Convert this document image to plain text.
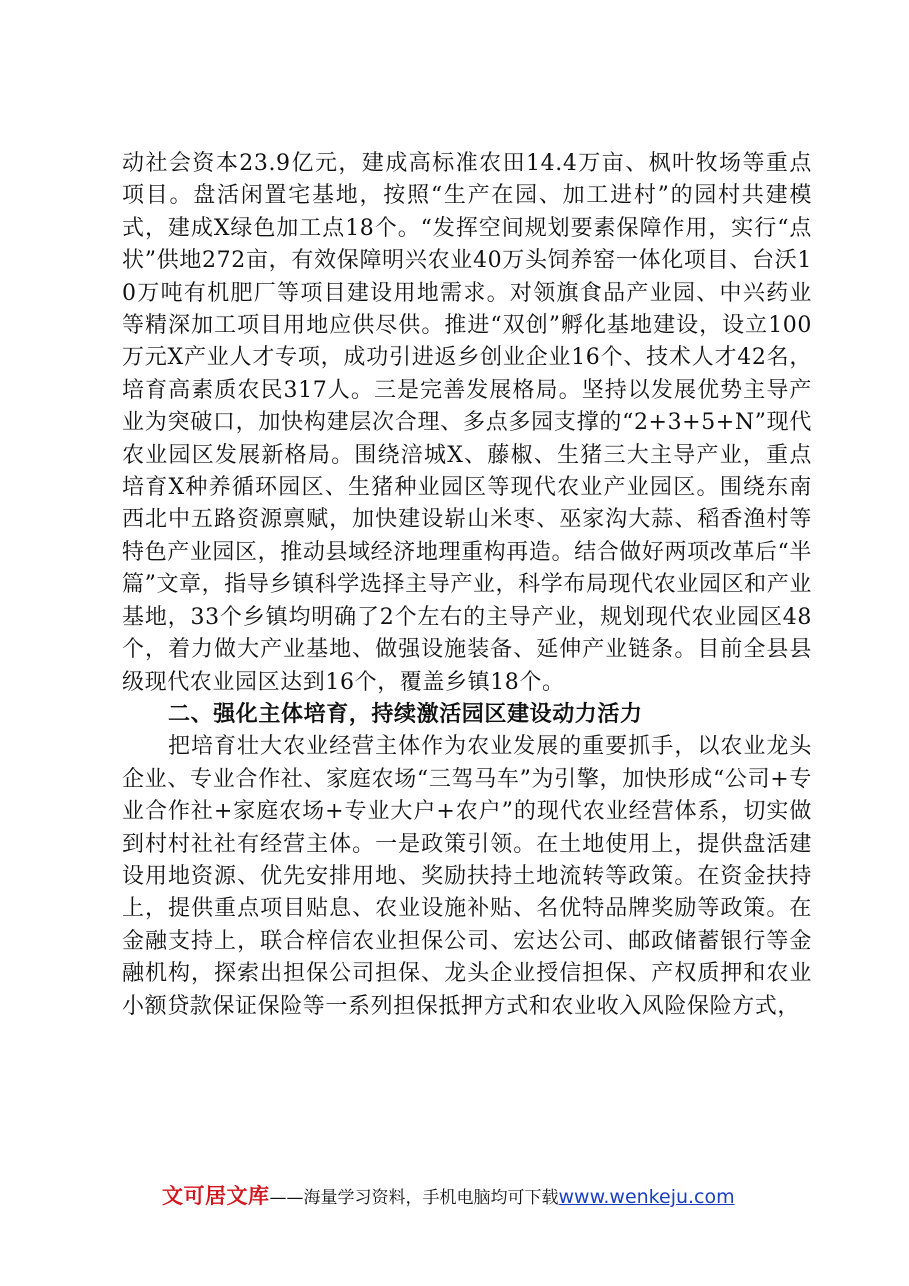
动社会资本23.9亿元，建成高标准农田14.4万亩、枫叶牧场等重点项目。盘活闲置宅基地，按照“生产在园、加工进村”的园村共建模式，建成X绿色加工点18个。“发挥空间规划要素保障作用，实行“点状”供地272亩，有效保障明兴农业40万头饲养窑一体化项目、台沃10万吨有机肥厂等项目建设用地需求。对领旗食品产业园、中兴药业等精深加工项目用地应供尽供。推进“双创”孵化基地建设，设立100万元X产业人才专项，成功引进返乡创业企业16个、技术人才42名，培育高素质农民317人。三是完善发展格局。坚持以发展优势主导产业为突破口，加快构建层次合理、多点多园支撑的“2+3+5+N”现代农业园区发展新格局。围绕涪城X、藤椒、生猪三大主导产业，重点培育X种养循环园区、生猪种业园区等现代农业产业园区。围绕东南西北中五路资源禀赋，加快建设崭山米枣、巫家沟大蒜、稻香渔村等特色产业园区，推动县域经济地理重构再造。结合做好两项改革后“半篇”文章，指导乡镇科学选择主导产业，科学布局现代农业园区和产业基地，33个乡镇均明确了2个左右的主导产业，规划现代农业园区48个，着力做大产业基地、做强设施装备、延伸产业链条。目前全县县级现代农业园区达到16个，覆盖乡镇18个。

二、强化主体培育，持续激活园区建设动力活力

把培育壮大农业经营主体作为农业发展的重要抓手，以农业龙头企业、专业合作社、家庭农场“三驾马车”为引擎，加快形成“公司+专业合作社+家庭农场+专业大户+农户”的现代农业经营体系，切实做到村村社社有经营主体。一是政策引领。在土地使用上，提供盘活建设用地资源、优先安排用地、奖励扶持土地流转等政策。在资金扶持上，提供重点项目贴息、农业设施补贴、名优特品牌奖励等政策。在金融支持上，联合梓信农业担保公司、宏达公司、邮政储蓄银行等金融机构，探索出担保公司担保、龙头企业授信担保、产权质押和农业小额贷款保证保险等一系列担保抵押方式和农业收入风险保险方式，

文可居文库——海量学习资料，手机电脑均可下载www.wenkeju.com
